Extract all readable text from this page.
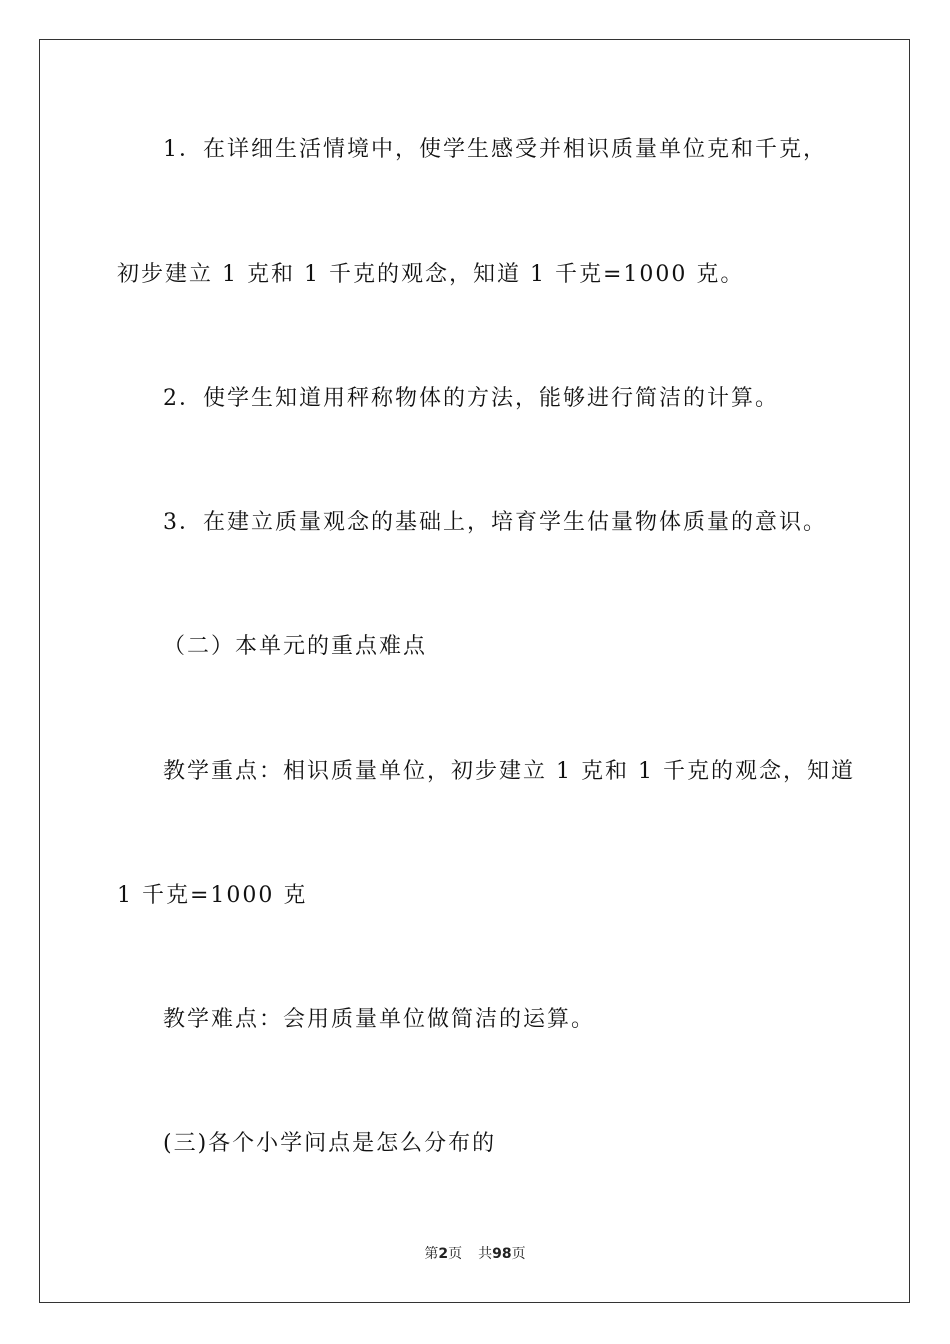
1．在详细生活情境中，使学生感受并相识质量单位克和千克，
初步建立 1 克和 1 千克的观念，知道 1 千克=1000 克。
2．使学生知道用秤称物体的方法，能够进行简洁的计算。
3．在建立质量观念的基础上，培育学生估量物体质量的意识。
（二）本单元的重点难点
教学重点：相识质量单位，初步建立 1 克和 1 千克的观念，知道
1 千克=1000 克
教学难点：会用质量单位做简洁的运算。
(三)各个小学问点是怎么分布的
第2页 共98页
